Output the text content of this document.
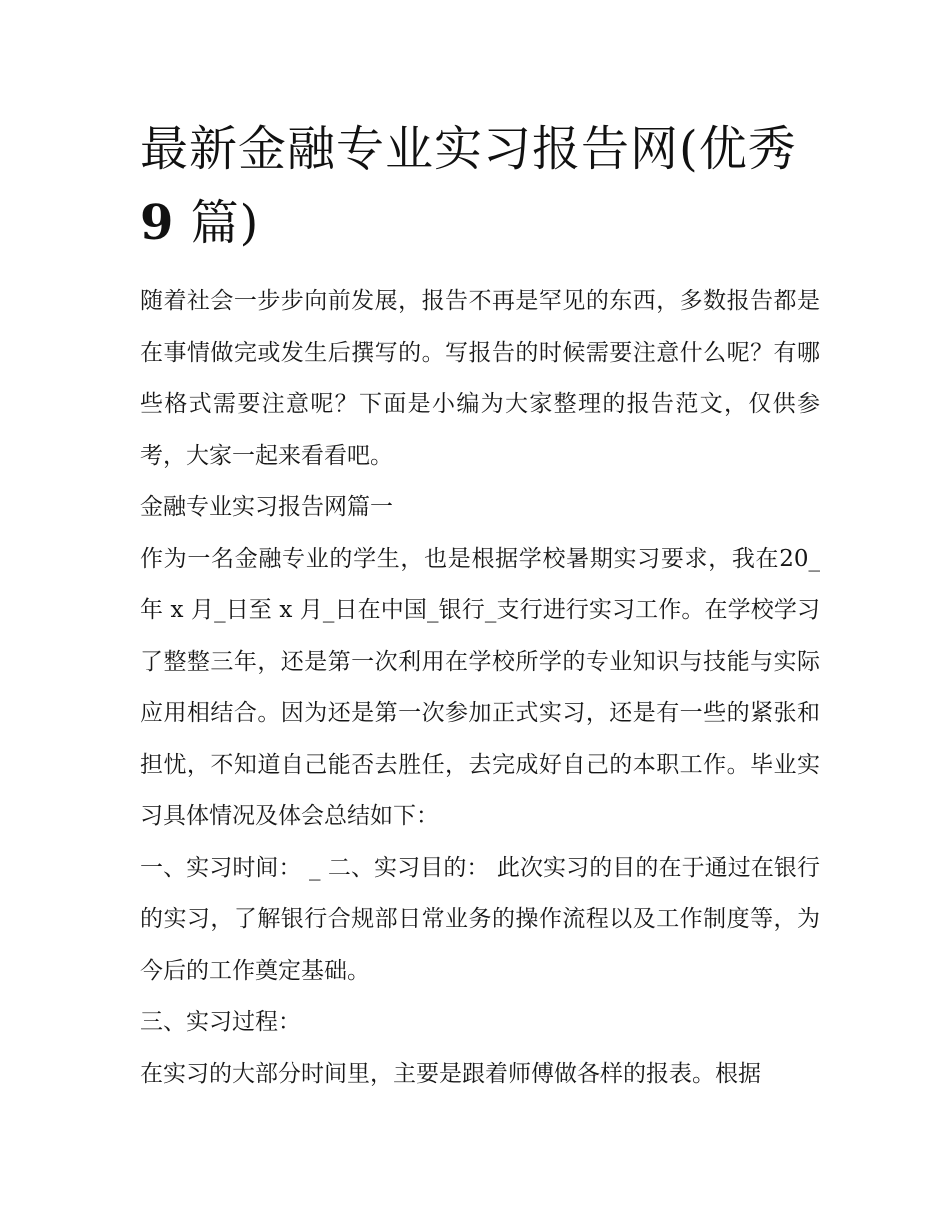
最新金融专业实习报告网(优秀
9 篇)

随着社会一步步向前发展，报告不再是罕见的东西，多数报告都是在事情做完或发生后撰写的。写报告的时候需要注意什么呢？有哪些格式需要注意呢？下面是小编为大家整理的报告范文，仅供参考，大家一起来看看吧。

金融专业实习报告网篇一

作为一名金融专业的学生，也是根据学校暑期实习要求，我在20_年 x 月_日至 x 月_日在中国_银行_支行进行实习工作。在学校学习了整整三年，还是第一次利用在学校所学的专业知识与技能与实际应用相结合。因为还是第一次参加正式实习，还是有一些的紧张和担忧，不知道自己能否去胜任，去完成好自己的本职工作。毕业实习具体情况及体会总结如下：

一、实习时间： _ 二、实习目的： 此次实习的目的在于通过在银行的实习，了解银行合规部日常业务的操作流程以及工作制度等，为今后的工作奠定基础。

三、实习过程：

在实习的大部分时间里，主要是跟着师傅做各样的报表。根据
